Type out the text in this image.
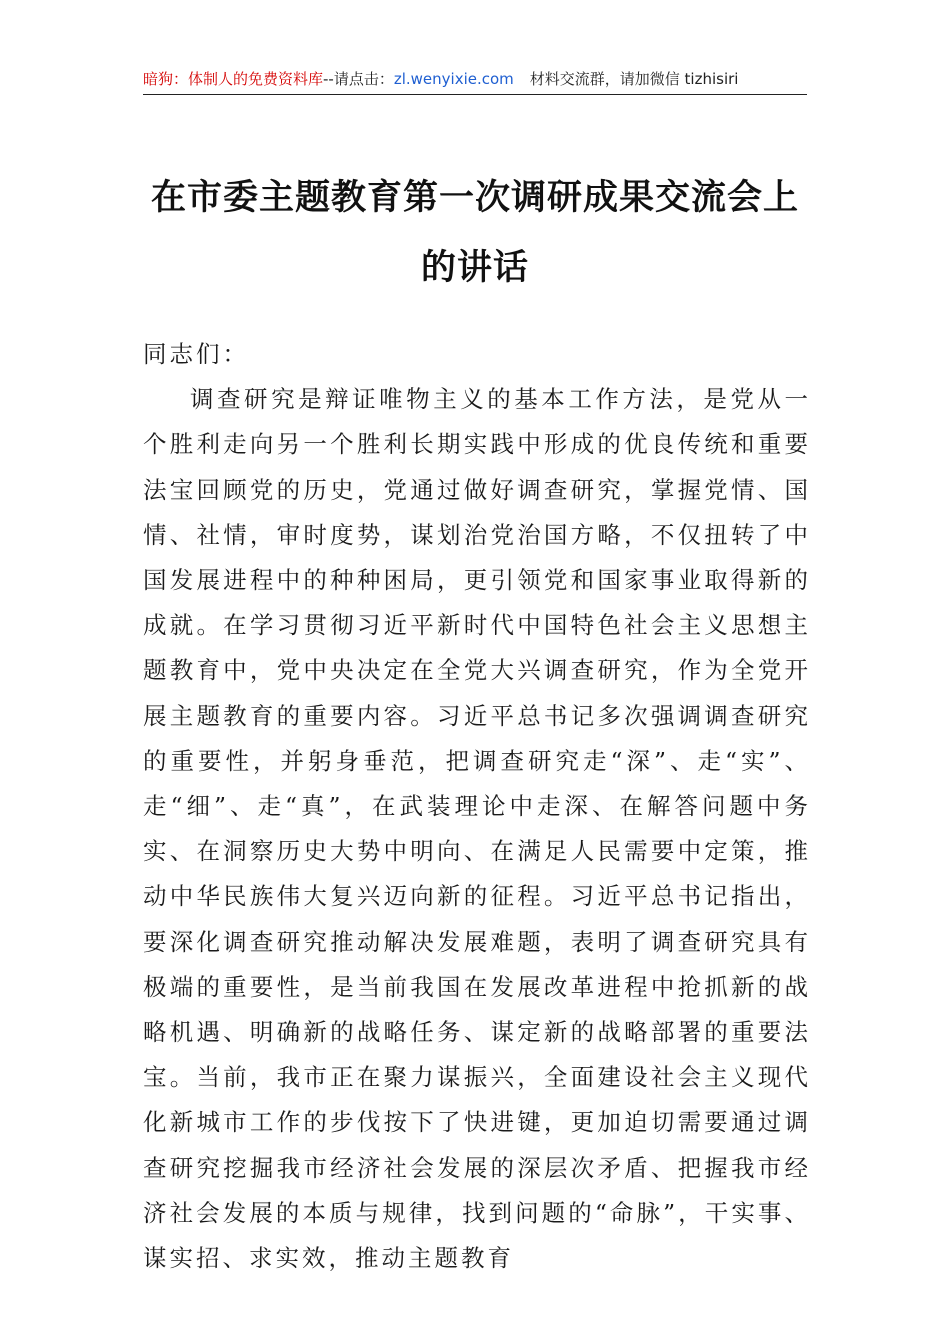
暗狗：体制人的免费资料库--请点击：zl.wenyixie.com 材料交流群，请加微信 tizhisiri
在市委主题教育第一次调研成果交流会上的讲话

同志们：

调查研究是辩证唯物主义的基本工作方法，是党从一个胜利走向另一个胜利长期实践中形成的优良传统和重要法宝回顾党的历史，党通过做好调查研究，掌握党情、国情、社情，审时度势，谋划治党治国方略，不仅扭转了中国发展进程中的种种困局，更引领党和国家事业取得新的成就。在学习贯彻习近平新时代中国特色社会主义思想主题教育中，党中央决定在全党大兴调查研究，作为全党开展主题教育的重要内容。习近平总书记多次强调调查研究的重要性，并躬身垂范，把调查研究走“深”、走“实”、走“细”、走“真”，在武装理论中走深、在解答问题中务实、在洞察历史大势中明向、在满足人民需要中定策，推动中华民族伟大复兴迈向新的征程。习近平总书记指出，要深化调查研究推动解决发展难题，表明了调查研究具有极端的重要性，是当前我国在发展改革进程中抢抓新的战略机遇、明确新的战略任务、谋定新的战略部署的重要法宝。当前，我市正在聚力谋振兴，全面建设社会主义现代化新城市工作的步伐按下了快进键，更加迫切需要通过调查研究挖掘我市经济社会发展的深层次矛盾、把握我市经济社会发展的本质与规律，找到问题的“命脉”，干实事、谋实招、求实效，推动主题教育
